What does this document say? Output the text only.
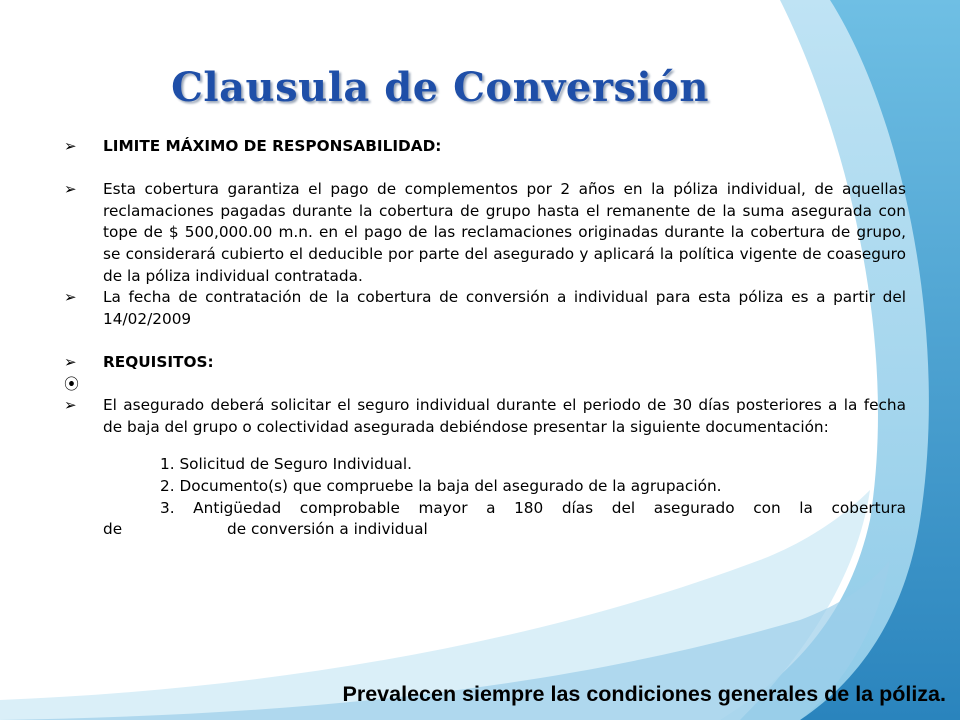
Clausula de Conversión
➢ LIMITE MÁXIMO DE RESPONSABILIDAD:
➢ Esta cobertura garantiza el pago de complementos por 2 años en la póliza individual, de aquellas reclamaciones pagadas durante la cobertura de grupo hasta el remanente de la suma asegurada con tope de $ 500,000.00 m.n. en el pago de las reclamaciones originadas durante la cobertura de grupo, se considerará cubierto el deducible por parte del asegurado y aplicará la política vigente de coaseguro de la póliza individual contratada.
➢ La fecha de contratación de la cobertura de conversión a individual para esta póliza es a partir del 14/02/2009
➢ REQUISITOS:
⦿

➢ El asegurado deberá solicitar el seguro individual durante el periodo de 30 días posteriores a la fecha de baja del grupo o colectividad asegurada debiéndose presentar la siguiente documentación:
1. Solicitud de Seguro Individual.
2. Documento(s) que compruebe la baja del asegurado de la agrupación.
3. Antigüedad comprobable mayor a 180 días del asegurado con la cobertura
de	de conversión a individual
Prevalecen siempre las condiciones generales de la póliza.
